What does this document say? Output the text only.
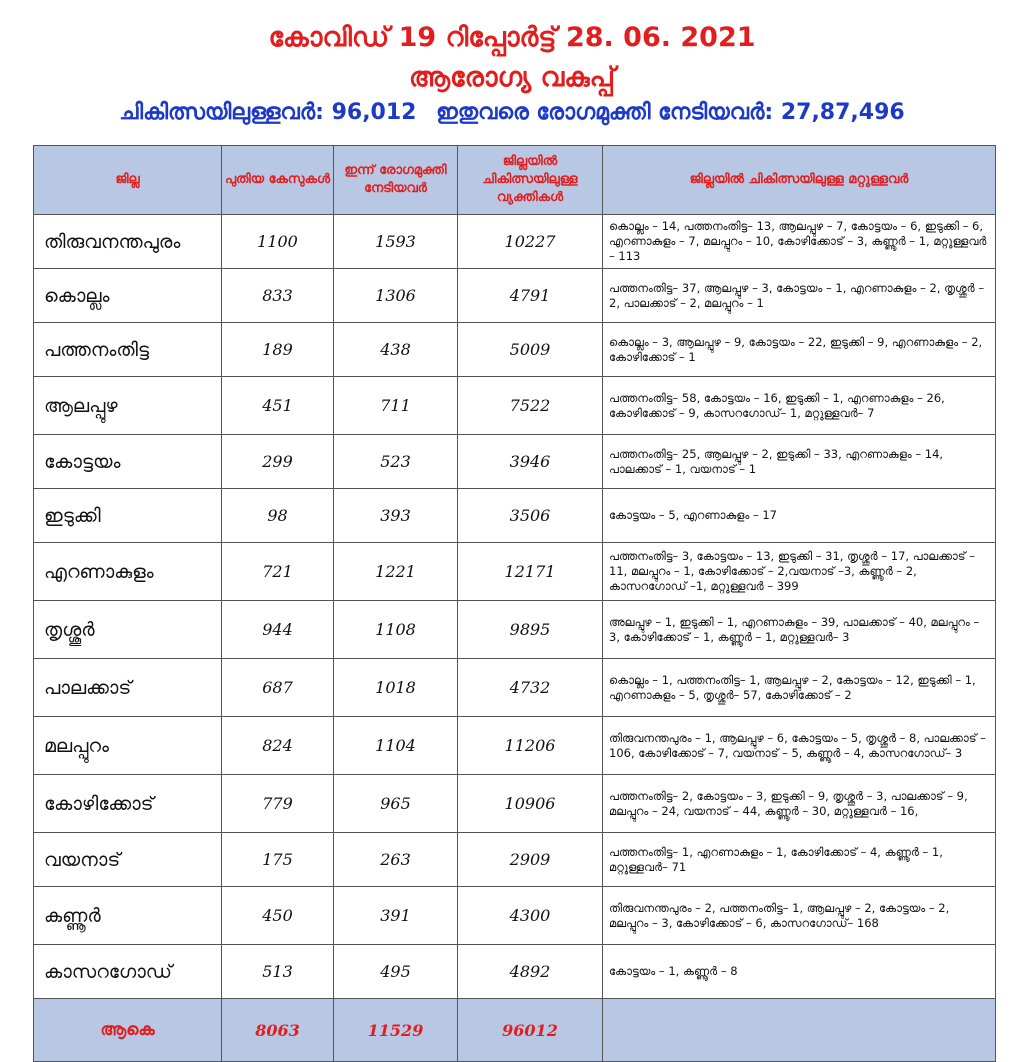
കോവിഡ് 19 റിപ്പോർട്ട് 28. 06. 2021
ആരോഗ്യ വകുപ്പ്
ചികിത്സയിലുള്ളവർ: 96,012 ഇതുവരെ രോഗമുക്തി നേടിയവർ: 27,87,496
ജില്ല	പുതിയ കേസുകൾ	ഇന്ന് രോഗമുക്തി നേടിയവർ	ജില്ലയിൽ ചികിത്സയിലുള്ള വ്യക്തികൾ	ജില്ലയിൽ ചികിത്സയിലുള്ള മറ്റുള്ളവർ
തിരുവനന്തപുരം	1100	1593	10227	കൊല്ലം – 14, പത്തനംതിട്ട– 13, ആലപ്പുഴ – 7, കോട്ടയം – 6, ഇടുക്കി – 6, എറണാകുളം – 7, മലപ്പുറം – 10, കോഴിക്കോട് – 3, കണ്ണൂർ – 1, മറ്റുള്ളവർ – 113
കൊല്ലം	833	1306	4791	പത്തനംതിട്ട– 37, ആലപ്പുഴ – 3, കോട്ടയം – 1, എറണാകുളം – 2, തൃശ്ശൂർ – 2, പാലക്കാട് – 2, മലപ്പുറം – 1
പത്തനംതിട്ട	189	438	5009	കൊല്ലം – 3, ആലപ്പുഴ – 9, കോട്ടയം – 22, ഇടുക്കി – 9, എറണാകുളം – 2, കോഴിക്കോട് – 1
ആലപ്പുഴ	451	711	7522	പത്തനംതിട്ട– 58, കോട്ടയം – 16, ഇടുക്കി – 1, എറണാകുളം – 26, കോഴിക്കോട് – 9, കാസറഗോഡ്– 1, മറ്റുള്ളവർ– 7
കോട്ടയം	299	523	3946	പത്തനംതിട്ട– 25, ആലപ്പുഴ – 2, ഇടുക്കി – 33, എറണാകുളം – 14, പാലക്കാട് – 1, വയനാട് – 1
ഇടുക്കി	98	393	3506	കോട്ടയം – 5, എറണാകുളം – 17
എറണാകുളം	721	1221	12171	പത്തനംതിട്ട– 3, കോട്ടയം – 13, ഇടുക്കി – 31, തൃശ്ശൂർ – 17, പാലക്കാട് – 11, മലപ്പുറം – 1, കോഴിക്കോട് – 2,വയനാട് –3, കണ്ണൂർ – 2, കാസറഗോഡ് –1, മറ്റുള്ളവർ – 399
തൃശ്ശൂർ	944	1108	9895	അലപ്പുഴ – 1, ഇടുക്കി – 1, എറണാകുളം – 39, പാലക്കാട് – 40, മലപ്പുറം – 3, കോഴിക്കോട് – 1, കണ്ണൂർ – 1, മറ്റുള്ളവർ– 3
പാലക്കാട്	687	1018	4732	കൊല്ലം – 1, പത്തനംതിട്ട– 1, ആലപ്പുഴ – 2, കോട്ടയം – 12, ഇടുക്കി – 1, എറണാകുളം – 5, തൃശ്ശൂർ– 57, കോഴിക്കോട് – 2
മലപ്പുറം	824	1104	11206	തിരുവനന്തപുരം – 1, ആലപ്പുഴ – 6, കോട്ടയം – 5, തൃശ്ശൂർ – 8, പാലക്കാട് – 106, കോഴിക്കോട് – 7, വയനാട് – 5, കണ്ണൂർ – 4, കാസറഗോഡ്– 3
കോഴിക്കോട്	779	965	10906	പത്തനംതിട്ട– 2, കോട്ടയം – 3, ഇടുക്കി – 9, തൃശ്ശൂർ – 3, പാലക്കാട് – 9, മലപ്പുറം – 24, വയനാട് – 44, കണ്ണൂർ – 30, മറ്റുള്ളവർ – 16,
വയനാട്	175	263	2909	പത്തനംതിട്ട– 1, എറണാകുളം – 1, കോഴിക്കോട് – 4, കണ്ണൂർ – 1, മറ്റുള്ളവർ– 71
കണ്ണൂർ	450	391	4300	തിരുവനന്തപുരം – 2, പത്തനംതിട്ട– 1, ആലപ്പുഴ – 2, കോട്ടയം – 2, മലപ്പുറം – 3, കോഴിക്കോട് – 6, കാസറഗോഡ്– 168
കാസറഗോഡ്	513	495	4892	കോട്ടയം – 1, കണ്ണൂർ – 8
ആകെ	8063	11529	96012	
